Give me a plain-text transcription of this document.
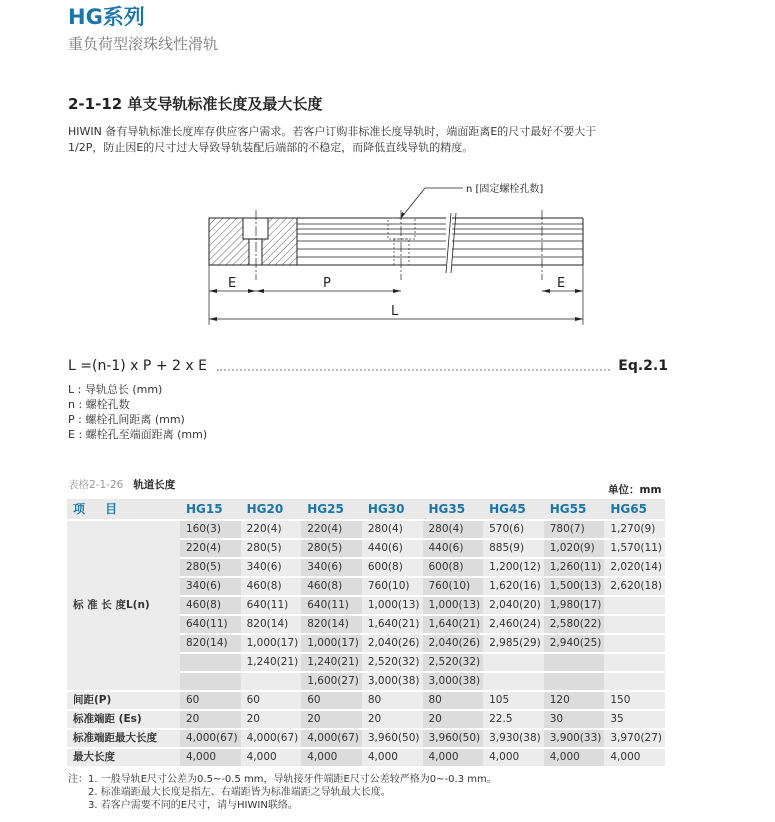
HG系列
重负荷型滚珠线性滑轨
2-1-12 单支导轨标准长度及最大长度
HIWIN 备有导轨标准长度库存供应客户需求。若客户订购非标准长度导轨时，端面距离E的尺寸最好不要大于
1/2P，防止因E的尺寸过大导致导轨装配后端部的不稳定，而降低直线导轨的精度。
n [固定螺栓孔数]
E	P	E
L
L =(n-1) x P + 2 x E	Eq.2.1
L : 导轨总长 (mm)
n : 螺栓孔数
P : 螺栓孔间距离 (mm)
E : 螺栓孔至端面距离 (mm)
表格2-1-26 轨道长度	单位：mm
项 目	HG15	HG20	HG25	HG30	HG35	HG45	HG55	HG65
标 准 长 度L(n)	160(3)	220(4)	220(4)	280(4)	280(4)	570(6)	780(7)	1,270(9)
	220(4)	280(5)	280(5)	440(6)	440(6)	885(9)	1,020(9)	1,570(11)
	280(5)	340(6)	340(6)	600(8)	600(8)	1,200(12)	1,260(11)	2,020(14)
	340(6)	460(8)	460(8)	760(10)	760(10)	1,620(16)	1,500(13)	2,620(18)
	460(8)	640(11)	640(11)	1,000(13)	1,000(13)	2,040(20)	1,980(17)	
	640(11)	820(14)	820(14)	1,640(21)	1,640(21)	2,460(24)	2,580(22)	
	820(14)	1,000(17)	1,000(17)	2,040(26)	2,040(26)	2,985(29)	2,940(25)	
		1,240(21)	1,240(21)	2,520(32)	2,520(32)			
			1,600(27)	3,000(38)	3,000(38)			
间距(P)	60	60	60	80	80	105	120	150
标准端距 (Es)	20	20	20	20	20	22.5	30	35
标准端距最大长度	4,000(67)	4,000(67)	4,000(67)	3,960(50)	3,960(50)	3,930(38)	3,900(33)	3,970(27)
最大长度	4,000	4,000	4,000	4,000	4,000	4,000	4,000	4,000
注：1. 一般导轨E尺寸公差为0.5~-0.5 mm，导轨接牙件端距E尺寸公差较严格为0~-0.3 mm。
2. 标准端距最大长度是指左、右端距皆为标准端距之导轨最大长度。
3. 若客户需要不同的E尺寸，请与HIWIN联络。
